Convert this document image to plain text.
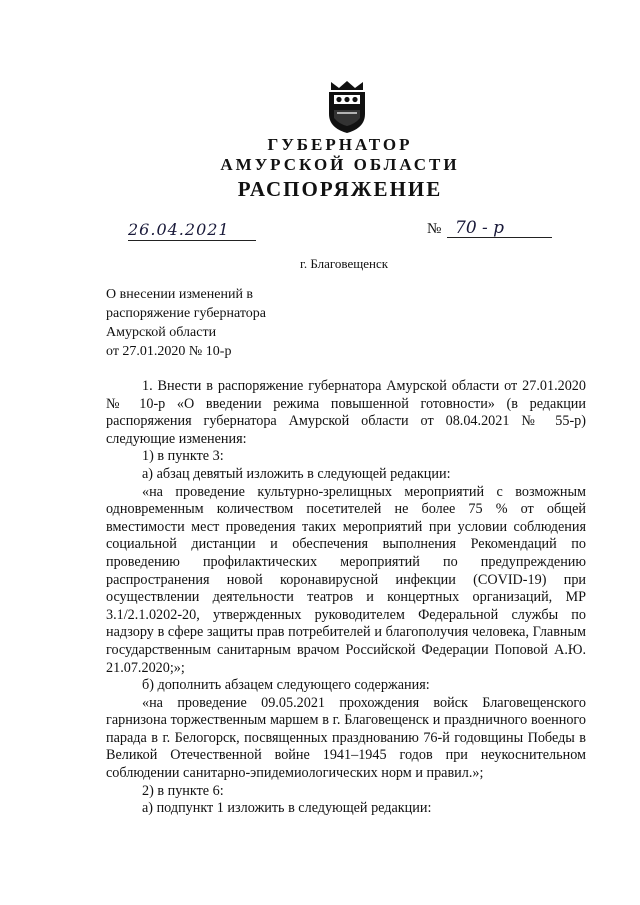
ГУБЕРНАТОР
АМУРСКОЙ ОБЛАСТИ
РАСПОРЯЖЕНИЕ
26.04.2021	№ 70 - р
г. Благовещенск
О внесении изменений в
распоряжение губернатора
Амурской области
от 27.01.2020 № 10-р

1. Внести в распоряжение губернатора Амурской области от 27.01.2020 № 10-р «О введении режима повышенной готовности» (в редакции распоряжения губернатора Амурской области от 08.04.2021 № 55-р) следующие изменения:

1) в пункте 3:

а) абзац девятый изложить в следующей редакции:

«на проведение культурно-зрелищных мероприятий с возможным одновременным количеством посетителей не более 75 % от общей вместимости мест проведения таких мероприятий при условии соблюдения социальной дистанции и обеспечения выполнения Рекомендаций по проведению профилактических мероприятий по предупреждению распространения новой коронавирусной инфекции (COVID-19) при осуществлении деятельности театров и концертных организаций, МР 3.1/2.1.0202-20, утвержденных руководителем Федеральной службы по надзору в сфере защиты прав потребителей и благополучия человека, Главным государственным санитарным врачом Российской Федерации Поповой А.Ю. 21.07.2020;»;

б) дополнить абзацем следующего содержания:

«на проведение 09.05.2021 прохождения войск Благовещенского гарнизона торжественным маршем в г. Благовещенск и праздничного военного парада в г. Белогорск, посвященных празднованию 76-й годовщины Победы в Великой Отечественной войне 1941–1945 годов при неукоснительном соблюдении санитарно-эпидемиологических норм и правил.»;

2) в пункте 6:

а) подпункт 1 изложить в следующей редакции:
